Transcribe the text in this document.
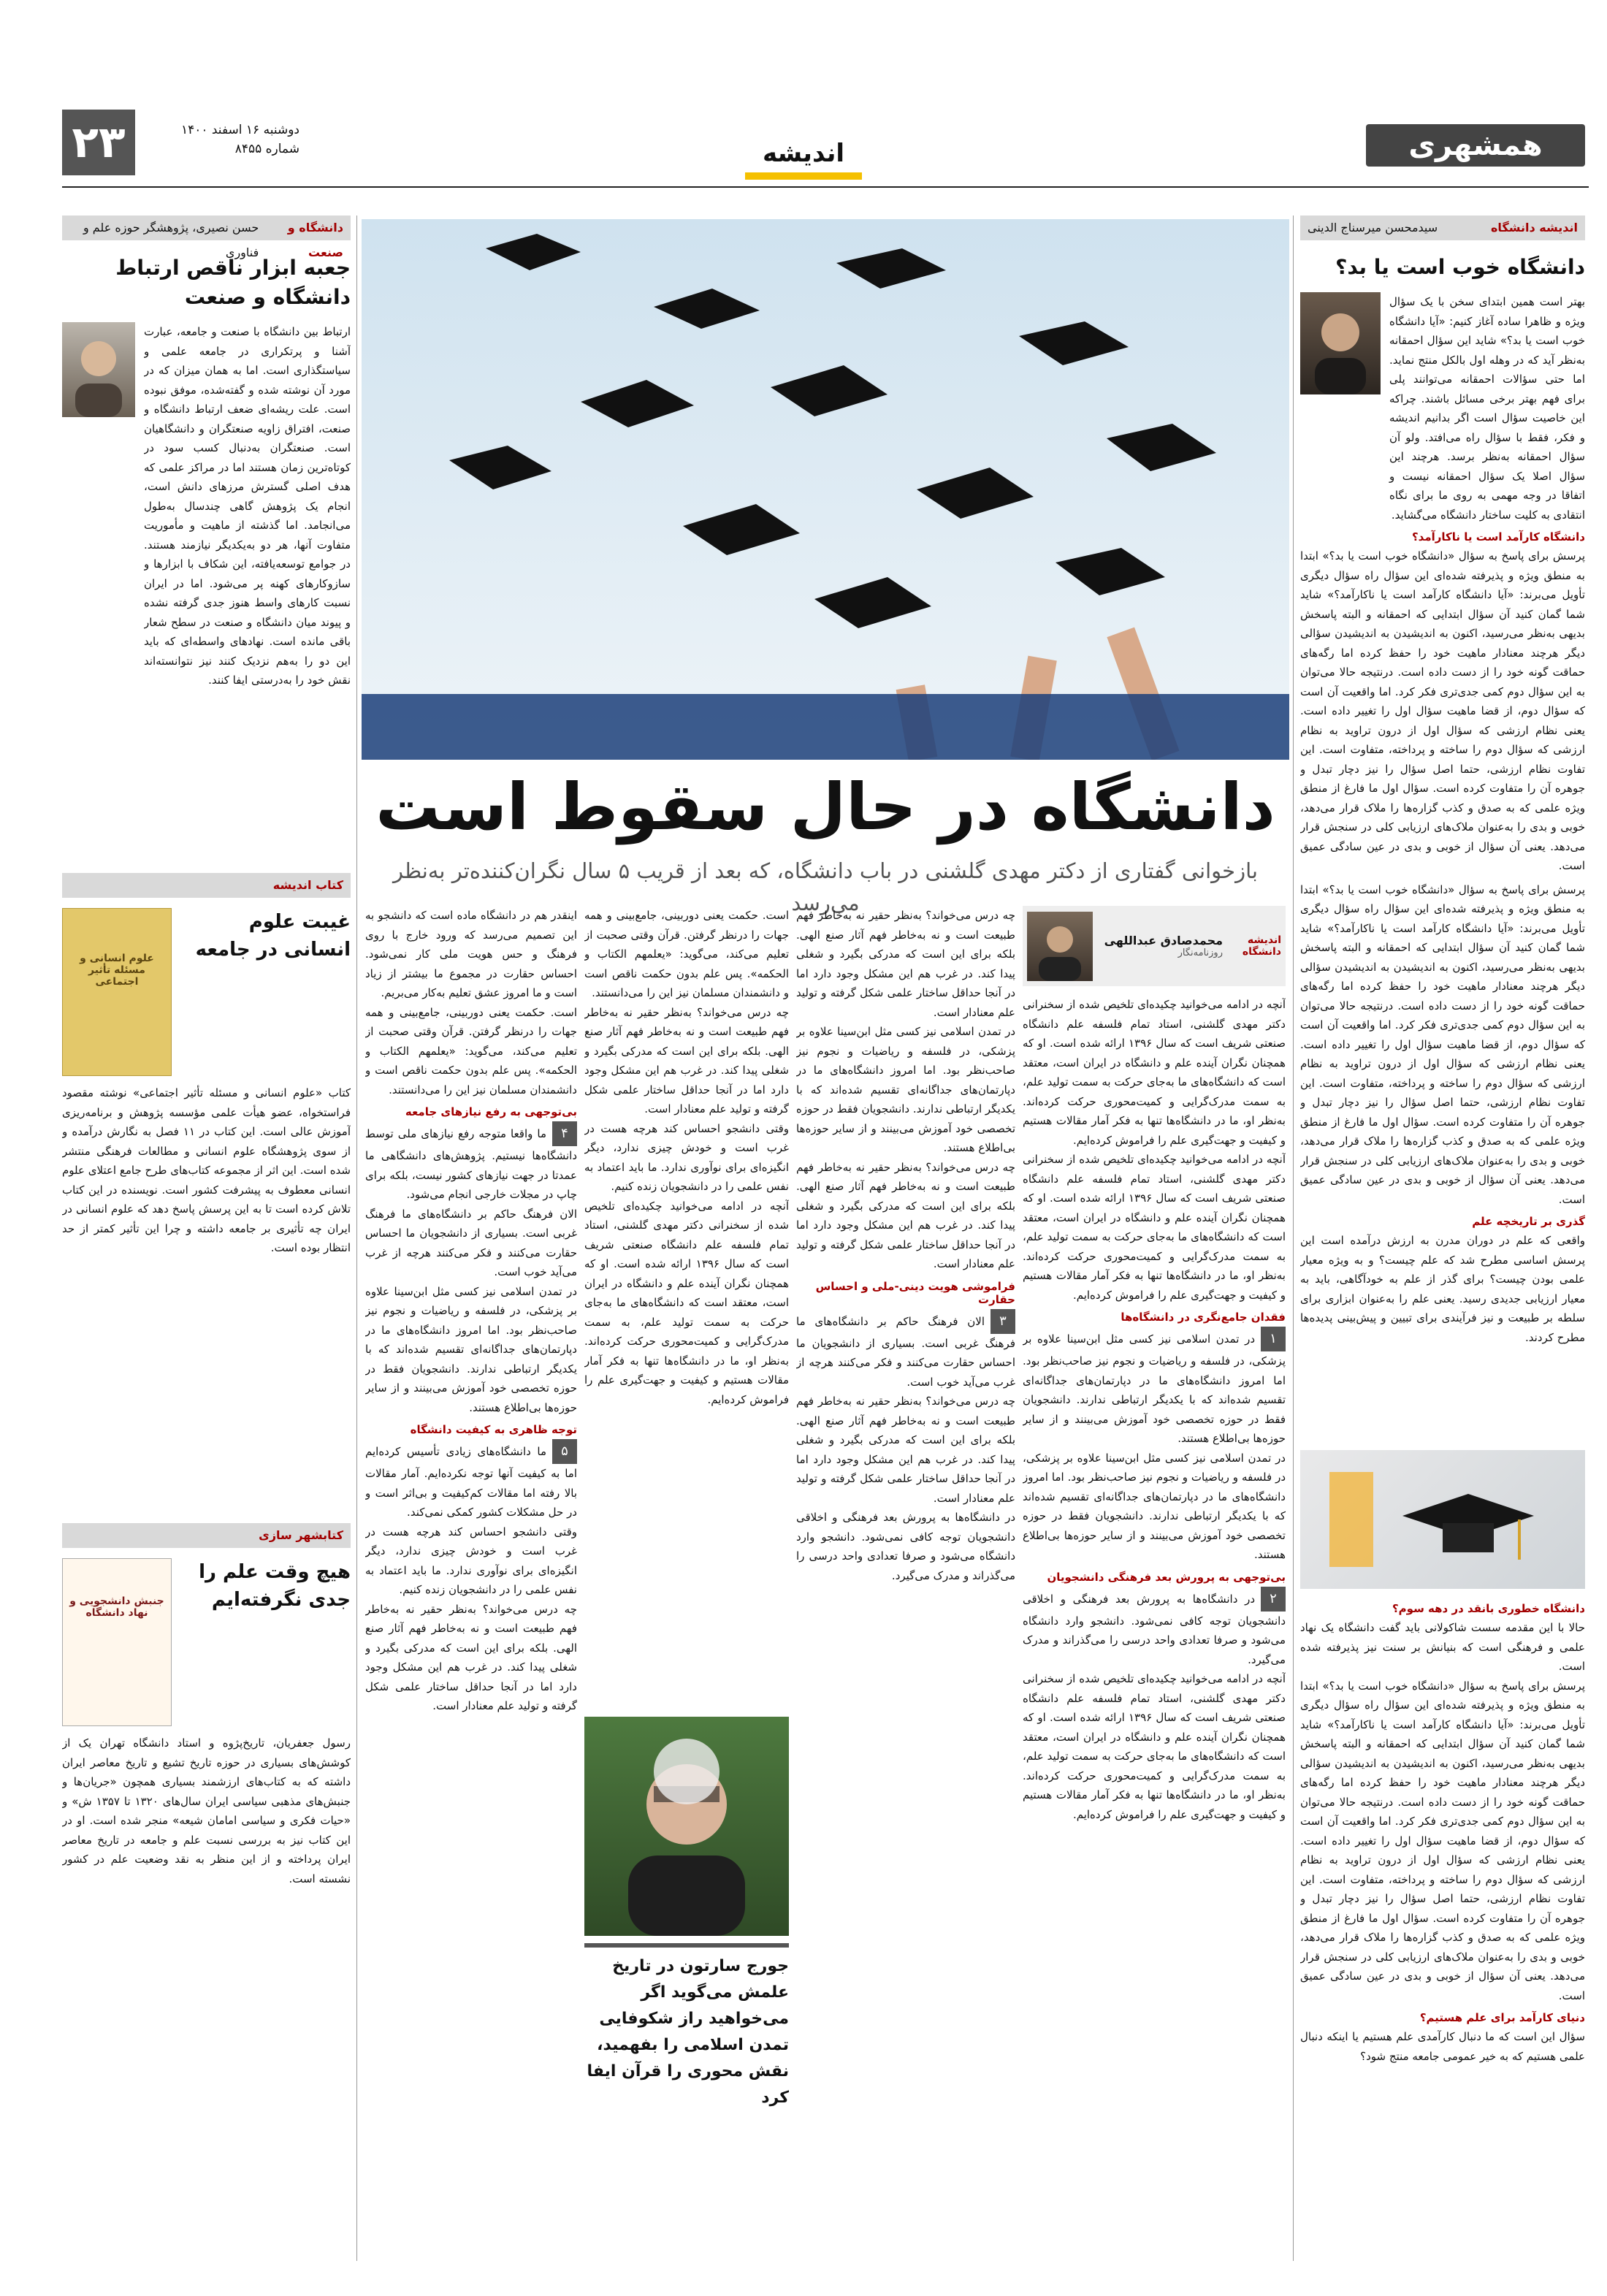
همشهری
اندیشه
۲۳	دوشنبه ۱۶ اسفند ۱۴۰۰
شماره ۸۴۵۵
اندیشه دانشگاه
سیدمحسن میرسناج الدینی
دانشگاه خوب است یا بد؟
بهتر است همین ابتدای سخن با یک سؤال ویژه و ظاهرا ساده آغاز کنیم: «آیا دانشگاه خوب است یا بد؟» شاید این سؤال احمقانه به‌نظر آید که در وهله اول بالکل منتج نماید. اما حتی سؤالات احمقانه می‌توانند پلی برای فهم بهتر برخی مسائل باشند. چراکه این خاصیت سؤال است اگر بدانیم اندیشه و فکر، فقط با سؤال راه می‌افتد. ولو آن سؤال احمقانه به‌نظر برسد. هرچند این سؤال اصلا یک سؤال احمقانه نیست و اتفاقا در وجه مهمی به روی ما برای نگاه انتقادی به کلیت ساختار دانشگاه می‌گشاید.
دانشگاه کارآمد است یا ناکارآمد؟
پرسش برای پاسخ به سؤال «دانشگاه خوب است یا بد؟» ابتدا به منطق ویژه و پذیرفته شده‌ای این سؤال راه سؤال دیگری تأویل می‌برند: «آیا دانشگاه کارآمد است یا ناکارآمد؟» شاید شما گمان کنید آن سؤال ابتدایی که احمقانه و البته پاسخش بدیهی به‌نظر می‌رسید، اکنون به اندیشیدن به اندیشیدن سؤالی دیگر هرچند معنادار ماهیت خود را حفظ کرده اما رگه‌های حماقت گونه خود را از دست داده است. درنتیجه حالا می‌توان به این سؤال دوم کمی جدی‌تری فکر کرد. اما واقعیت آن است که سؤال دوم، از قضا ماهیت سؤال اول را تغییر داده است. یعنی نظام ارزشی که سؤال اول از درون تراوید به نظام ارزشی که سؤال دوم را ساخته و پرداخته، متفاوت است. این تفاوت نظام ارزشی، حتما اصل سؤال را نیز دچار تبدل و جوهره آن را متفاوت کرده است. سؤال اول ما فارغ از منطق ویژه علمی که به صدق و کذب گزاره‌ها را ملاک قرار می‌دهد، خوبی و بدی را به‌عنوان ملاک‌های ارزیابی کلی در سنجش قرار می‌دهد. یعنی آن سؤال از خوبی و بدی در عین سادگی عمیق است.
پرسش برای پاسخ به سؤال «دانشگاه خوب است یا بد؟» ابتدا به منطق ویژه و پذیرفته شده‌ای این سؤال راه سؤال دیگری تأویل می‌برند: «آیا دانشگاه کارآمد است یا ناکارآمد؟» شاید شما گمان کنید آن سؤال ابتدایی که احمقانه و البته پاسخش بدیهی به‌نظر می‌رسید، اکنون به اندیشیدن به اندیشیدن سؤالی دیگر هرچند معنادار ماهیت خود را حفظ کرده اما رگه‌های حماقت گونه خود را از دست داده است. درنتیجه حالا می‌توان به این سؤال دوم کمی جدی‌تری فکر کرد. اما واقعیت آن است که سؤال دوم، از قضا ماهیت سؤال اول را تغییر داده است. یعنی نظام ارزشی که سؤال اول از درون تراوید به نظام ارزشی که سؤال دوم را ساخته و پرداخته، متفاوت است. این تفاوت نظام ارزشی، حتما اصل سؤال را نیز دچار تبدل و جوهره آن را متفاوت کرده است. سؤال اول ما فارغ از منطق ویژه علمی که به صدق و کذب گزاره‌ها را ملاک قرار می‌دهد، خوبی و بدی را به‌عنوان ملاک‌های ارزیابی کلی در سنجش قرار می‌دهد. یعنی آن سؤال از خوبی و بدی در عین سادگی عمیق است.
گذری بر تاریخچه علم
واقعی که علم در دوران مدرن به ارزش درآمده است این پرسش اساسی مطرح شد که علم چیست؟ و به ویژه معیار علمی بودن چیست؟ برای گذر از علم به خودآگاهی، باید به معیار ارزیابی جدیدی رسید. یعنی علم را به‌عنوان ابزاری برای سلطه بر طبیعت و نیز فرآیندی برای تبیین و پیش‌بینی پدیده‌ها مطرح کردند.
دانشگاه خطوری بانقد در دهه سوم؟
حالا با این مقدمه سست شاکولانی باید گفت دانشگاه یک نهاد علمی و فرهنگی است که بنیانش بر سنت نیز پذیرفته شده است.
پرسش برای پاسخ به سؤال «دانشگاه خوب است یا بد؟» ابتدا به منطق ویژه و پذیرفته شده‌ای این سؤال راه سؤال دیگری تأویل می‌برند: «آیا دانشگاه کارآمد است یا ناکارآمد؟» شاید شما گمان کنید آن سؤال ابتدایی که احمقانه و البته پاسخش بدیهی به‌نظر می‌رسید، اکنون به اندیشیدن به اندیشیدن سؤالی دیگر هرچند معنادار ماهیت خود را حفظ کرده اما رگه‌های حماقت گونه خود را از دست داده است. درنتیجه حالا می‌توان به این سؤال دوم کمی جدی‌تری فکر کرد. اما واقعیت آن است که سؤال دوم، از قضا ماهیت سؤال اول را تغییر داده است. یعنی نظام ارزشی که سؤال اول از درون تراوید به نظام ارزشی که سؤال دوم را ساخته و پرداخته، متفاوت است. این تفاوت نظام ارزشی، حتما اصل سؤال را نیز دچار تبدل و جوهره آن را متفاوت کرده است. سؤال اول ما فارغ از منطق ویژه علمی که به صدق و کذب گزاره‌ها را ملاک قرار می‌دهد، خوبی و بدی را به‌عنوان ملاک‌های ارزیابی کلی در سنجش قرار می‌دهد. یعنی آن سؤال از خوبی و بدی در عین سادگی عمیق است.
دنیای کارآمد برای علم هستیم؟
سؤال این است که ما دنبال کارآمدی علم هستیم یا اینکه دنبال علمی هستیم که به خیر عمومی جامعه منتج شود؟
دانشگاه و صنعت
حسن نصیری، پژوهشگر حوزه علم و فناوری
جعبه ابزار ناقص ارتباط دانشگاه و صنعت
ارتباط بین دانشگاه با صنعت و جامعه، عبارت آشنا و پرتکراری در جامعه علمی و سیاستگذاری است. اما به همان میزان که در مورد آن نوشته شده و گفته‌شده، موفق نبوده است. علت ریشه‌ای ضعف ارتباط دانشگاه و صنعت، افتراق زاویه صنعتگران و دانشگاهیان است. صنعتگران به‌دنبال کسب سود در کوتاه‌ترین زمان هستند اما در مراکز علمی که هدف اصلی گسترش مرزهای دانش است، انجام یک پژوهش گاهی چندسال به‌طول می‌انجامد. اما گذشته از ماهیت و مأموریت متفاوت آنها، هر دو به‌یکدیگر نیازمند هستند. در جوامع توسعه‌یافته، این شکاف با ابزارها و سازوکارهای کهنه پر می‌شود. اما در ایران نسبت کارهای واسط هنوز جدی گرفته نشده و پیوند میان دانشگاه و صنعت در سطح شعار باقی مانده است. نهادهای واسطه‌ای که باید این دو را به‌هم نزدیک کنند نیز نتوانسته‌اند نقش خود را به‌درستی ایفا کنند.
کتاب اندیشه
غیبت علوم انسانی در جامعه
علوم انسانی و مسئله تأثیر اجتماعی
کتاب «علوم انسانی و مسئله تأثیر اجتماعی» نوشته مقصود فراستخواه، عضو هیأت علمی مؤسسه پژوهش و برنامه‌ریزی آموزش عالی است. این کتاب در ۱۱ فصل به نگارش درآمده و از سوی پژوهشگاه علوم انسانی و مطالعات فرهنگی منتشر شده است. این اثر از مجموعه کتاب‌های طرح جامع اعتلای علوم انسانی معطوف به پیشرفت کشور است. نویسنده در این کتاب تلاش کرده است تا به این پرسش پاسخ دهد که علوم انسانی در ایران چه تأثیری بر جامعه داشته و چرا این تأثیر کمتر از حد انتظار بوده است.
کتابشهر سازی
هیچ وقت علم را جدی نگرفته‌ایم
جنبش دانشجویی و نهاد دانشگاه
رسول جعفریان، تاریخ‌پژوه و استاد دانشگاه تهران یک از کوشش‌های بسیاری در حوزه تاریخ تشیع و تاریخ معاصر ایران داشته که به کتاب‌های ارزشمند بسیاری همچون «جریان‌ها و جنبش‌های مذهبی سیاسی ایران سال‌های ۱۳۲۰ تا ۱۳۵۷ ش» و «حیات فکری و سیاسی امامان شیعه» منجر شده است. او در این کتاب نیز به بررسی نسبت علم و جامعه در تاریخ معاصر ایران پرداخته و از این منظر به نقد وضعیت علم در کشور نشسته است.
دانشگاه در حال سقوط است
بازخوانی گفتاری از دکتر مهدی گلشنی در باب دانشگاه، که بعد از قریب ۵ سال نگران‌کننده‌تر به‌نظر می‌رسد
اندیشه دانشگاه
محمدصادق عبداللهی
روزنامه‌نگار
آنچه در ادامه می‌خوانید چکیده‌ای تلخیص شده از سخنرانی دکتر مهدی گلشنی، استاد تمام فلسفه علم دانشگاه صنعتی شریف است که سال ۱۳۹۶ ارائه شده است. او که همچنان نگران آینده علم و دانشگاه در ایران است، معتقد است که دانشگاه‌های ما به‌جای حرکت به سمت تولید علم، به سمت مدرک‌گرایی و کمیت‌محوری حرکت کرده‌اند. به‌نظر او، ما در دانشگاه‌ها تنها به فکر آمار مقالات هستیم و کیفیت و جهت‌گیری علم را فراموش کرده‌ایم.
آنچه در ادامه می‌خوانید چکیده‌ای تلخیص شده از سخنرانی دکتر مهدی گلشنی، استاد تمام فلسفه علم دانشگاه صنعتی شریف است که سال ۱۳۹۶ ارائه شده است. او که همچنان نگران آینده علم و دانشگاه در ایران است، معتقد است که دانشگاه‌های ما به‌جای حرکت به سمت تولید علم، به سمت مدرک‌گرایی و کمیت‌محوری حرکت کرده‌اند. به‌نظر او، ما در دانشگاه‌ها تنها به فکر آمار مقالات هستیم و کیفیت و جهت‌گیری علم را فراموش کرده‌ایم.
فقدان جامع‌نگری در دانشگاه‌ها
۱در تمدن اسلامی نیز کسی مثل ابن‌سینا علاوه بر پزشکی، در فلسفه و ریاضیات و نجوم نیز صاحب‌نظر بود. اما امروز دانشگاه‌های ما در دپارتمان‌های جداگانه‌ای تقسیم شده‌اند که با یکدیگر ارتباطی ندارند. دانشجویان فقط در حوزه تخصصی خود آموزش می‌بینند و از سایر حوزه‌ها بی‌اطلاع هستند.
در تمدن اسلامی نیز کسی مثل ابن‌سینا علاوه بر پزشکی، در فلسفه و ریاضیات و نجوم نیز صاحب‌نظر بود. اما امروز دانشگاه‌های ما در دپارتمان‌های جداگانه‌ای تقسیم شده‌اند که با یکدیگر ارتباطی ندارند. دانشجویان فقط در حوزه تخصصی خود آموزش می‌بینند و از سایر حوزه‌ها بی‌اطلاع هستند.
بی‌توجهی به پرورش بعد فرهنگی دانشجویان
۲در دانشگاه‌ها به پرورش بعد فرهنگی و اخلاقی دانشجویان توجه کافی نمی‌شود. دانشجو وارد دانشگاه می‌شود و صرفا تعدادی واحد درسی را می‌گذراند و مدرک می‌گیرد.
آنچه در ادامه می‌خوانید چکیده‌ای تلخیص شده از سخنرانی دکتر مهدی گلشنی، استاد تمام فلسفه علم دانشگاه صنعتی شریف است که سال ۱۳۹۶ ارائه شده است. او که همچنان نگران آینده علم و دانشگاه در ایران است، معتقد است که دانشگاه‌های ما به‌جای حرکت به سمت تولید علم، به سمت مدرک‌گرایی و کمیت‌محوری حرکت کرده‌اند. به‌نظر او، ما در دانشگاه‌ها تنها به فکر آمار مقالات هستیم و کیفیت و جهت‌گیری علم را فراموش کرده‌ایم.
چه درس می‌خواند؟ به‌نظر حقیر نه به‌خاطر فهم طبیعت است و نه به‌خاطر فهم آثار صنع الهی. بلکه برای این است که مدرکی بگیرد و شغلی پیدا کند. در غرب هم این مشکل وجود دارد اما در آنجا حداقل ساختار علمی شکل گرفته و تولید علم معنادار است.
در تمدن اسلامی نیز کسی مثل ابن‌سینا علاوه بر پزشکی، در فلسفه و ریاضیات و نجوم نیز صاحب‌نظر بود. اما امروز دانشگاه‌های ما در دپارتمان‌های جداگانه‌ای تقسیم شده‌اند که با یکدیگر ارتباطی ندارند. دانشجویان فقط در حوزه تخصصی خود آموزش می‌بینند و از سایر حوزه‌ها بی‌اطلاع هستند.
چه درس می‌خواند؟ به‌نظر حقیر نه به‌خاطر فهم طبیعت است و نه به‌خاطر فهم آثار صنع الهی. بلکه برای این است که مدرکی بگیرد و شغلی پیدا کند. در غرب هم این مشکل وجود دارد اما در آنجا حداقل ساختار علمی شکل گرفته و تولید علم معنادار است.
فراموشی هویت دینی-ملی و احساس حقارت
۳الان فرهنگ حاکم بر دانشگاه‌های ما فرهنگ غربی است. بسیاری از دانشجویان ما احساس حقارت می‌کنند و فکر می‌کنند هرچه از غرب می‌آید خوب است.
چه درس می‌خواند؟ به‌نظر حقیر نه به‌خاطر فهم طبیعت است و نه به‌خاطر فهم آثار صنع الهی. بلکه برای این است که مدرکی بگیرد و شغلی پیدا کند. در غرب هم این مشکل وجود دارد اما در آنجا حداقل ساختار علمی شکل گرفته و تولید علم معنادار است.
در دانشگاه‌ها به پرورش بعد فرهنگی و اخلاقی دانشجویان توجه کافی نمی‌شود. دانشجو وارد دانشگاه می‌شود و صرفا تعدادی واحد درسی را می‌گذراند و مدرک می‌گیرد.
است. حکمت یعنی دوربینی، جامع‌بینی و همه جهات را درنظر گرفتن. قرآن وقتی صحبت از تعلیم می‌کند، می‌گوید: «یعلمهم الکتاب و الحکمه». پس علم بدون حکمت ناقص است و دانشمندان مسلمان نیز این را می‌دانستند.
چه درس می‌خواند؟ به‌نظر حقیر نه به‌خاطر فهم طبیعت است و نه به‌خاطر فهم آثار صنع الهی. بلکه برای این است که مدرکی بگیرد و شغلی پیدا کند. در غرب هم این مشکل وجود دارد اما در آنجا حداقل ساختار علمی شکل گرفته و تولید علم معنادار است.
وقتی دانشجو احساس کند هرچه هست در غرب است و خودش چیزی ندارد، دیگر انگیزه‌ای برای نوآوری ندارد. ما باید اعتماد به نفس علمی را در دانشجویان زنده کنیم.
آنچه در ادامه می‌خوانید چکیده‌ای تلخیص شده از سخنرانی دکتر مهدی گلشنی، استاد تمام فلسفه علم دانشگاه صنعتی شریف است که سال ۱۳۹۶ ارائه شده است. او که همچنان نگران آینده علم و دانشگاه در ایران است، معتقد است که دانشگاه‌های ما به‌جای حرکت به سمت تولید علم، به سمت مدرک‌گرایی و کمیت‌محوری حرکت کرده‌اند. به‌نظر او، ما در دانشگاه‌ها تنها به فکر آمار مقالات هستیم و کیفیت و جهت‌گیری علم را فراموش کرده‌ایم.
جورج سارتون در تاریخ علمش می‌گوید اگر می‌خواهید راز شکوفایی تمدن اسلامی را بفهمید، نقش محوری را قرآن ایفا کرد
اینقدر هم در دانشگاه ماده است که دانشجو به این تصمیم می‌رسد که ورود خارج با روی فرهنگ و حس هویت ملی کار نمی‌شود. احساس حقارت در مجموع ما بیشتر از زیاد است و ما امروز عشق تعلیم به‌کار می‌بریم.
است. حکمت یعنی دوربینی، جامع‌بینی و همه جهات را درنظر گرفتن. قرآن وقتی صحبت از تعلیم می‌کند، می‌گوید: «یعلمهم الکتاب و الحکمه». پس علم بدون حکمت ناقص است و دانشمندان مسلمان نیز این را می‌دانستند.
بی‌توجهی به رفع نیازهای جامعه
۴ما واقعا متوجه رفع نیازهای ملی توسط دانشگاه‌ها نیستیم. پژوهش‌های دانشگاهی ما عمدتا در جهت نیازهای کشور نیست، بلکه برای چاپ در مجلات خارجی انجام می‌شود.
الان فرهنگ حاکم بر دانشگاه‌های ما فرهنگ غربی است. بسیاری از دانشجویان ما احساس حقارت می‌کنند و فکر می‌کنند هرچه از غرب می‌آید خوب است.
در تمدن اسلامی نیز کسی مثل ابن‌سینا علاوه بر پزشکی، در فلسفه و ریاضیات و نجوم نیز صاحب‌نظر بود. اما امروز دانشگاه‌های ما در دپارتمان‌های جداگانه‌ای تقسیم شده‌اند که با یکدیگر ارتباطی ندارند. دانشجویان فقط در حوزه تخصصی خود آموزش می‌بینند و از سایر حوزه‌ها بی‌اطلاع هستند.
توجه ظاهری به کیفیت دانشگاه
۵ما دانشگاه‌های زیادی تأسیس کرده‌ایم اما به کیفیت آنها توجه نکرده‌ایم. آمار مقالات بالا رفته اما مقالات کم‌کیفیت و بی‌اثر است و در حل مشکلات کشور کمکی نمی‌کند.
وقتی دانشجو احساس کند هرچه هست در غرب است و خودش چیزی ندارد، دیگر انگیزه‌ای برای نوآوری ندارد. ما باید اعتماد به نفس علمی را در دانشجویان زنده کنیم.
چه درس می‌خواند؟ به‌نظر حقیر نه به‌خاطر فهم طبیعت است و نه به‌خاطر فهم آثار صنع الهی. بلکه برای این است که مدرکی بگیرد و شغلی پیدا کند. در غرب هم این مشکل وجود دارد اما در آنجا حداقل ساختار علمی شکل گرفته و تولید علم معنادار است.
